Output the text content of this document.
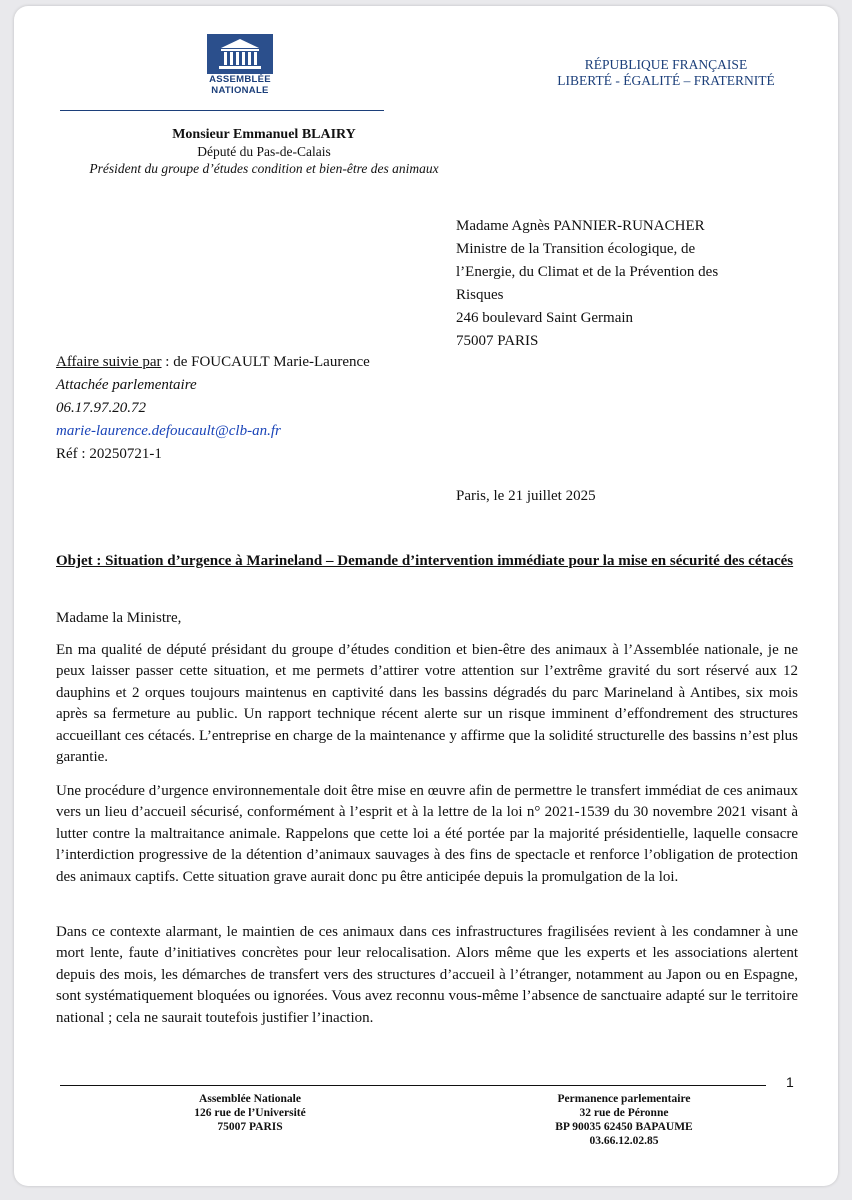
ASSEMBLÉE
NATIONALE
RÉPUBLIQUE FRANÇAISE
LIBERTÉ - ÉGALITÉ – FRATERNITÉ
Monsieur Emmanuel BLAIRY
Député du Pas-de-Calais
Président du groupe d’études condition et bien-être des animaux
Madame Agnès PANNIER-RUNACHER
Ministre de la Transition écologique, de
l’Energie, du Climat et de la Prévention des
Risques
246 boulevard Saint Germain
75007 PARIS
Affaire suivie par : de FOUCAULT Marie-Laurence
Attachée parlementaire
06.17.97.20.72
marie-laurence.defoucault@clb-an.fr
Réf : 20250721-1
Paris, le 21 juillet 2025
Objet : Situation d’urgence à Marineland – Demande d’intervention immédiate pour la mise en sécurité des cétacés
Madame la Ministre,
En ma qualité de député présidant du groupe d’études condition et bien-être des animaux à l’Assemblée nationale, je ne peux laisser passer cette situation, et me permets d’attirer votre attention sur l’extrême gravité du sort réservé aux 12 dauphins et 2 orques toujours maintenus en captivité dans les bassins dégradés du parc Marineland à Antibes, six mois après sa fermeture au public. Un rapport technique récent alerte sur un risque imminent d’effondrement des structures accueillant ces cétacés. L’entreprise en charge de la maintenance y affirme que la solidité structurelle des bassins n’est plus garantie.
Une procédure d’urgence environnementale doit être mise en œuvre afin de permettre le transfert immédiat de ces animaux vers un lieu d’accueil sécurisé, conformément à l’esprit et à la lettre de la loi n° 2021-1539 du 30 novembre 2021 visant à lutter contre la maltraitance animale. Rappelons que cette loi a été portée par la majorité présidentielle, laquelle consacre l’interdiction progressive de la détention d’animaux sauvages à des fins de spectacle et renforce l’obligation de protection des animaux captifs. Cette situation grave aurait donc pu être anticipée depuis la promulgation de la loi.
Dans ce contexte alarmant, le maintien de ces animaux dans ces infrastructures fragilisées revient à les condamner à une mort lente, faute d’initiatives concrètes pour leur relocalisation. Alors même que les experts et les associations alertent depuis des mois, les démarches de transfert vers des structures d’accueil à l’étranger, notamment au Japon ou en Espagne, sont systématiquement bloquées ou ignorées. Vous avez reconnu vous-même l’absence de sanctuaire adapté sur le territoire national ; cela ne saurait toutefois justifier l’inaction.
1
Assemblée Nationale
126 rue de l’Université
75007 PARIS
Permanence parlementaire
32 rue de Péronne
BP 90035 62450 BAPAUME
03.66.12.02.85
